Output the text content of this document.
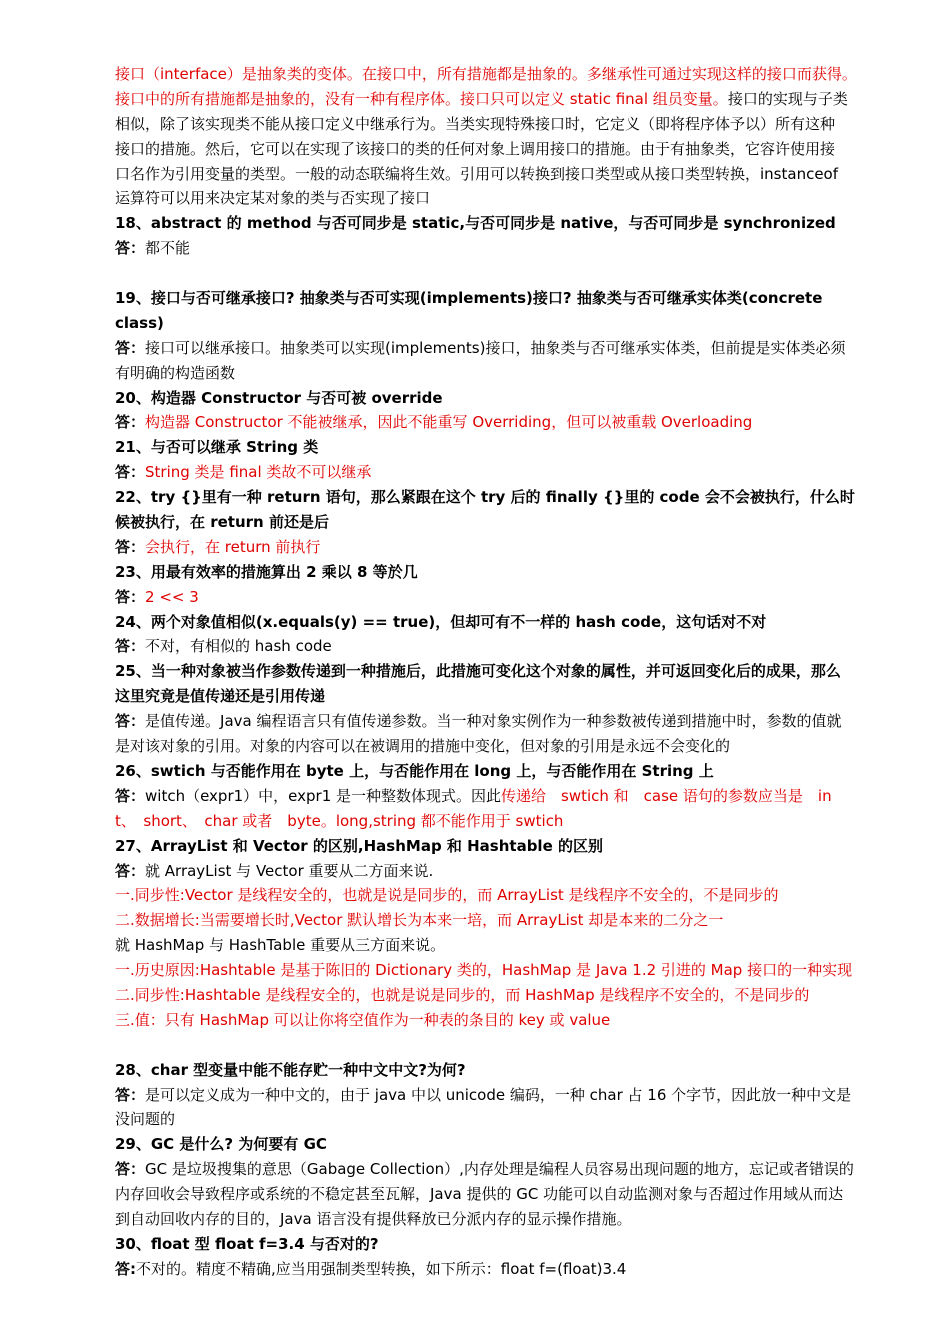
接口（interface）是抽象类的变体。在接口中，所有措施都是抽象的。多继承性可通过实现这样的接口而获得。
接口中的所有措施都是抽象的，没有一种有程序体。接口只可以定义 static final 组员变量。接口的实现与子类
相似，除了该实现类不能从接口定义中继承行为。当类实现特殊接口时，它定义（即将程序体予以）所有这种
接口的措施。然后，它可以在实现了该接口的类的任何对象上调用接口的措施。由于有抽象类，它容许使用接
口名作为引用变量的类型。一般的动态联编将生效。引用可以转换到接口类型或从接口类型转换，instanceof
运算符可以用来决定某对象的类与否实现了接口
18、abstract 的 method 与否可同步是 static,与否可同步是 native，与否可同步是 synchronized
答：都不能
19、接口与否可继承接口? 抽象类与否可实现(implements)接口? 抽象类与否可继承实体类(concrete
class)
答：接口可以继承接口。抽象类可以实现(implements)接口，抽象类与否可继承实体类，但前提是实体类必须
有明确的构造函数
20、构造器 Constructor 与否可被 override
答：构造器 Constructor 不能被继承，因此不能重写 Overriding，但可以被重载 Overloading
21、与否可以继承 String 类
答：String 类是 final 类故不可以继承
22、try {}里有一种 return 语句，那么紧跟在这个 try 后的 finally {}里的 code 会不会被执行，什么时
候被执行，在 return 前还是后
答：会执行，在 return 前执行
23、用最有效率的措施算出 2 乘以 8 等於几
答：2 << 3
24、两个对象值相似(x.equals(y) == true)，但却可有不一样的 hash code，这句话对不对
答：不对，有相似的 hash code
25、当一种对象被当作参数传递到一种措施后，此措施可变化这个对象的属性，并可返回变化后的成果，那么
这里究竟是值传递还是引用传递
答：是值传递。Java 编程语言只有值传递参数。当一种对象实例作为一种参数被传递到措施中时，参数的值就
是对该对象的引用。对象的内容可以在被调用的措施中变化，但对象的引用是永远不会变化的
26、swtich 与否能作用在 byte 上，与否能作用在 long 上，与否能作用在 String 上
答：witch（expr1）中，expr1 是一种整数体现式。因此传递给　swtich 和　case 语句的参数应当是　in
t、　short、　char 或者　byte。long,string 都不能作用于 swtich
27、ArrayList 和 Vector 的区别,HashMap 和 Hashtable 的区别
答：就 ArrayList 与 Vector 重要从二方面来说.
一.同步性:Vector 是线程安全的，也就是说是同步的，而 ArrayList 是线程序不安全的，不是同步的
二.数据增长:当需要增长时,Vector 默认增长为本来一培，而 ArrayList 却是本来的二分之一
就 HashMap 与 HashTable 重要从三方面来说。
一.历史原因:Hashtable 是基于陈旧的 Dictionary 类的，HashMap 是 Java 1.2 引进的 Map 接口的一种实现
二.同步性:Hashtable 是线程安全的，也就是说是同步的，而 HashMap 是线程序不安全的，不是同步的
三.值：只有 HashMap 可以让你将空值作为一种表的条目的 key 或 value
28、char 型变量中能不能存贮一种中文中文?为何?
答：是可以定义成为一种中文的，由于 java 中以 unicode 编码，一种 char 占 16 个字节，因此放一种中文是
没问题的
29、GC 是什么? 为何要有 GC
答：GC 是垃圾搜集的意思（Gabage Collection）,内存处理是编程人员容易出现问题的地方，忘记或者错误的
内存回收会导致程序或系统的不稳定甚至瓦解，Java 提供的 GC 功能可以自动监测对象与否超过作用域从而达
到自动回收内存的目的，Java 语言没有提供释放已分派内存的显示操作措施。
30、float 型 float f=3.4 与否对的?
答:不对的。精度不精确,应当用强制类型转换，如下所示：float f=(float)3.4
